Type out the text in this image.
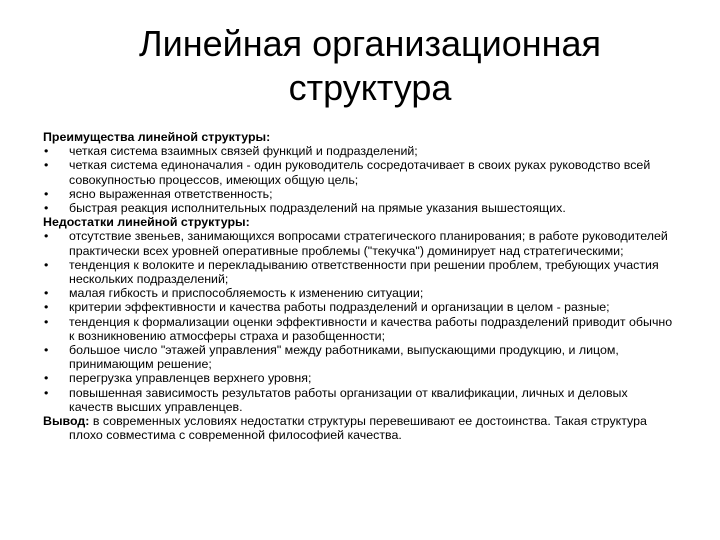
Линейная организационная структура

Преимущества линейной структуры:

• четкая система взаимных связей функций и подразделений;
• четкая система единоначалия - один руководитель сосредотачивает в своих руках руководство всей совокупностью процессов, имеющих общую цель;
• ясно выраженная ответственность;
• быстрая реакция исполнительных подразделений на прямые указания вышестоящих.

Недостатки линейной структуры:

• отсутствие звеньев, занимающихся вопросами стратегического планирования; в работе руководителей практически всех уровней оперативные проблемы ("текучка") доминирует над стратегическими;
• тенденция к волоките и перекладыванию ответственности при решении проблем, требующих участия нескольких подразделений;
• малая гибкость и приспособляемость к изменению ситуации;
• критерии эффективности и качества работы подразделений и организации в целом - разные;
• тенденция к формализации оценки эффективности и качества работы подразделений приводит обычно к возникновению атмосферы страха и разобщенности;
• большое число "этажей управления" между работниками, выпускающими продукцию, и лицом, принимающим решение;
• перегрузка управленцев верхнего уровня;
• повышенная зависимость результатов работы организации от квалификации, личных и деловых качеств высших управленцев.

Вывод: в современных условиях недостатки структуры перевешивают ее достоинства. Такая структура плохо совместима с современной философией качества.
